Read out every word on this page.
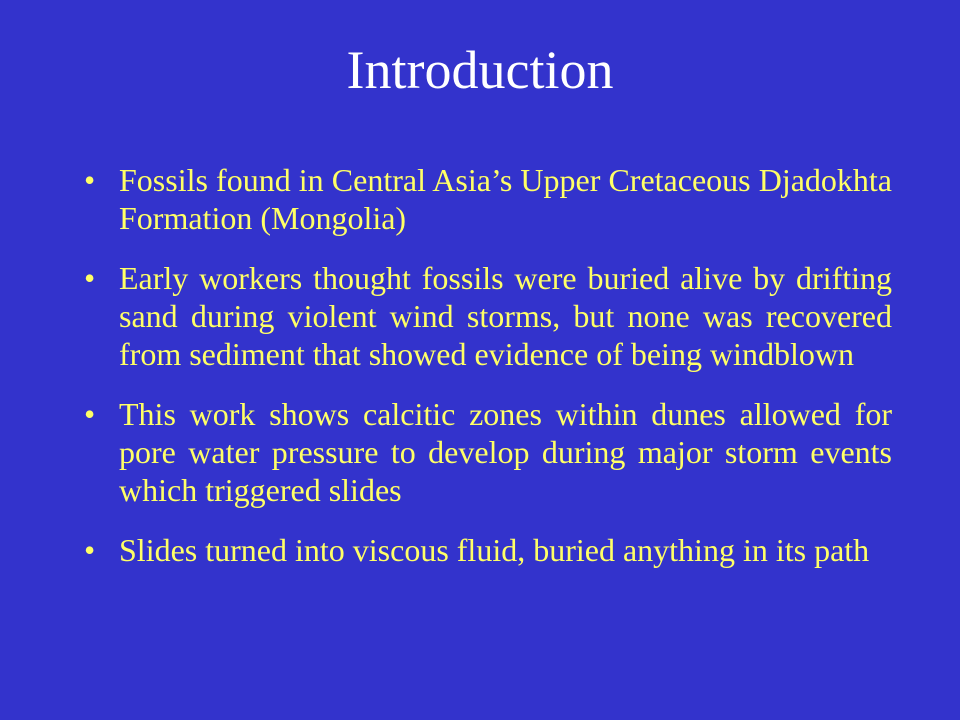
Introduction
• Fossils found in Central Asia’s Upper Cretaceous Djadokhta Formation (Mongolia)
• Early workers thought fossils were buried alive by drifting sand during violent wind storms, but none was recovered from sediment that showed evidence of being windblown
• This work shows calcitic zones within dunes allowed for pore water pressure to develop during major storm events which triggered slides
• Slides turned into viscous fluid, buried anything in its path
